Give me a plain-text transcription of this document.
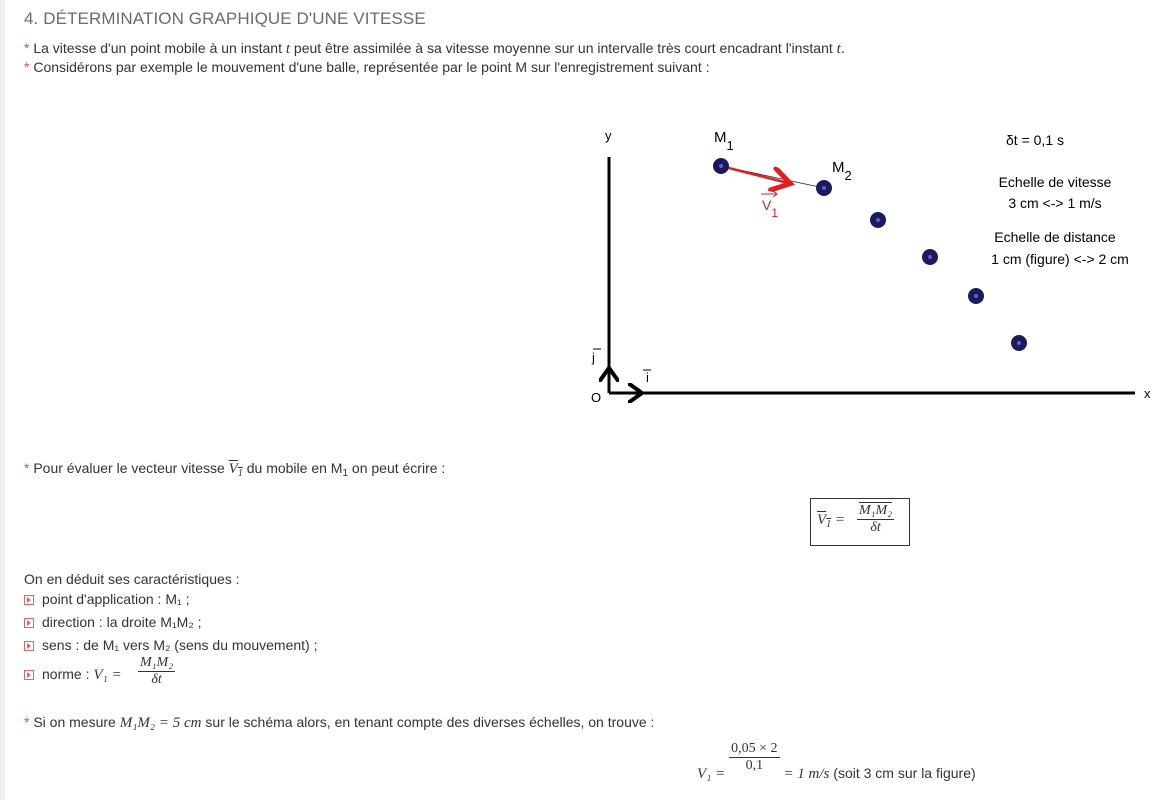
4. DÉTERMINATION GRAPHIQUE D'UNE VITESSE
* La vitesse d'un point mobile à un instant t peut être assimilée à sa vitesse moyenne sur un intervalle très court encadrant l'instant t.
* Considérons par exemple le mouvement d'une balle, représentée par le point M sur l'enregistrement suivant :
y
x
O
j
i
M1
M2
V1
δt = 0,1 s
Echelle de vitesse
3 cm <-> 1 m/s
Echelle de distance
1 cm (figure) <-> 2 cm
* Pour évaluer le vecteur vitesse $V_1$ du mobile en $M_1$ on peut écrire :
$V_1 = \frac{\text{M₁M₂}}{\delta t}$
On en déduit ses caractéristiques :
point d'application : M₁ ;
direction : la droite M₁M₂ ;
sens : de M₁ vers M₂ (sens du mouvement) ;
norme : $V_1 = \frac{\text{M₁M₂}}{\delta t}$
* Si on mesure M₁M₂ = 5 cm sur le schéma alors, en tenant compte des diverses échelles, on trouve :
V₁ =
$\frac{0,05 \times 2}{0,1}$
= 1 m/s (soit 3 cm sur la figure)
